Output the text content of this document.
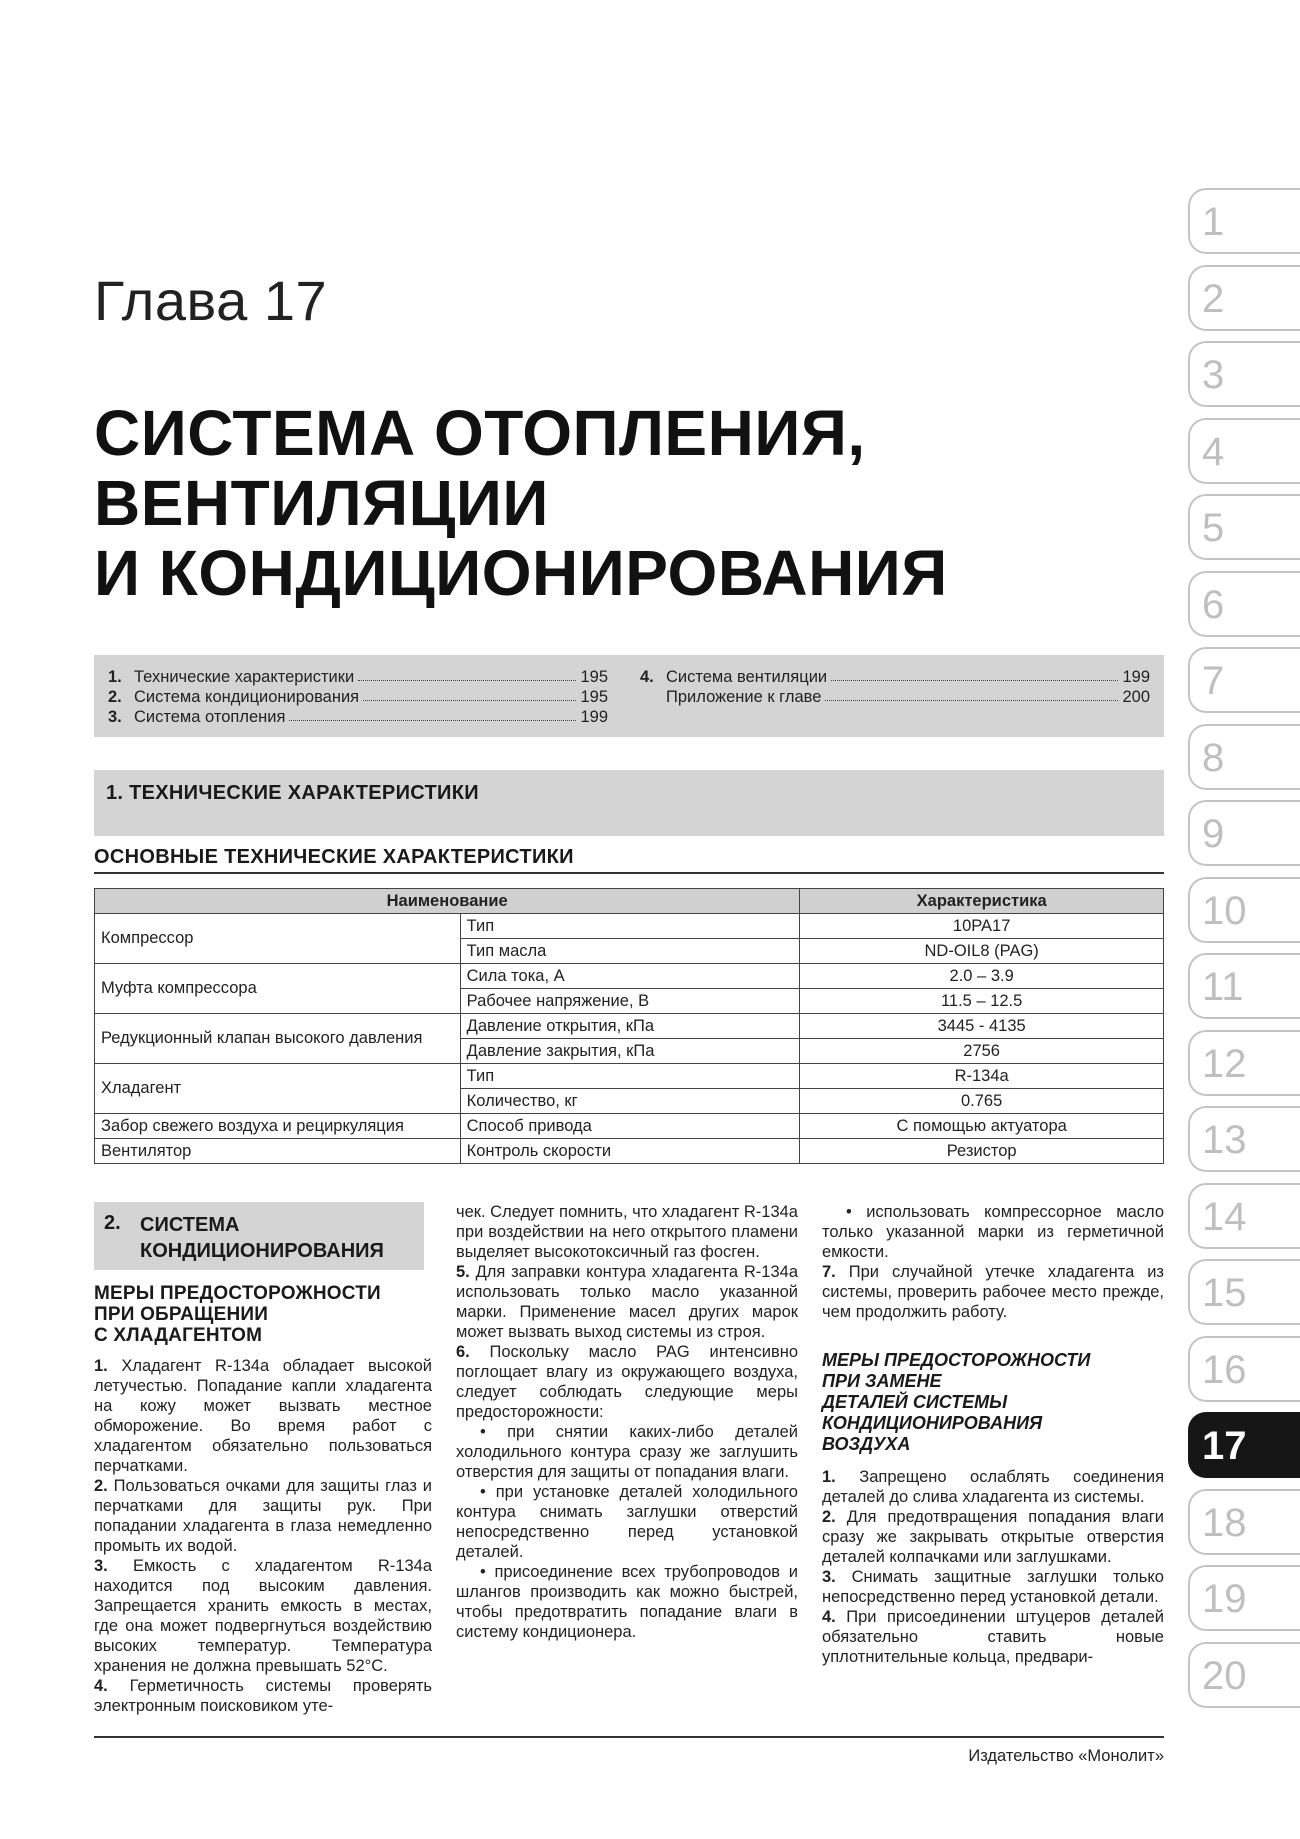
Глава 17
СИСТЕМА ОТОПЛЕНИЯ,
ВЕНТИЛЯЦИИ
И КОНДИЦИОНИРОВАНИЯ
1. Технические характеристики	195
2. Система кондиционирования	195
3. Система отопления	199
4. Система вентиляции	199
Приложение к главе	200
1. ТЕХНИЧЕСКИЕ ХАРАКТЕРИСТИКИ
ОСНОВНЫЕ ТЕХНИЧЕСКИЕ ХАРАКТЕРИСТИКИ
Наименование		Характеристика
Компрессор	Тип	10PA17
	Тип масла	ND-OIL8 (PAG)
Муфта компрессора	Сила тока, А	2.0 – 3.9
	Рабочее напряжение, В	11.5 – 12.5
Редукционный клапан высокого давления	Давление открытия, кПа	3445 - 4135
	Давление закрытия, кПа	2756
Хладагент	Тип	R-134a
	Количество, кг	0.765
Забор свежего воздуха и рециркуляция	Способ привода	С помощью актуатора
Вентилятор	Контроль скорости	Резистор
2. СИСТЕМА
КОНДИЦИОНИРОВАНИЯ
МЕРЫ ПРЕДОСТОРОЖНОСТИ
ПРИ ОБРАЩЕНИИ
С ХЛАДАГЕНТОМ

1. Хладагент R-134a обладает высокой летучестью. Попадание капли хладагента на кожу может вызвать местное обморожение. Во время работ с хладагентом обязательно пользоваться перчатками.

2. Пользоваться очками для защиты глаз и перчатками для защиты рук. При попадании хладагента в глаза немедленно промыть их водой.

3. Емкость с хладагентом R-134a находится под высоким давления. Запрещается хранить емкость в местах, где она может подвергнуться воздействию высоких температур. Температура хранения не должна превышать 52°C.

4. Герметичность системы проверять электронным поисковиком уте-

чек. Следует помнить, что хладагент R-134a при воздействии на него открытого пламени выделяет высокотоксичный газ фосген.

5. Для заправки контура хладагента R-134a использовать только масло указанной марки. Применение масел других марок может вызвать выход системы из строя.

6. Поскольку масло PAG интенсивно поглощает влагу из окружающего воздуха, следует соблюдать следующие меры предосторожности:

• при снятии каких-либо деталей холодильного контура сразу же заглушить отверстия для защиты от попадания влаги.

• при установке деталей холодильного контура снимать заглушки отверстий непосредственно перед установкой деталей.

• присоединение всех трубопроводов и шлангов производить как можно быстрей, чтобы предотвратить попадание влаги в систему кондиционера.

• использовать компрессорное масло только указанной марки из герметичной емкости.

7. При случайной утечке хладагента из системы, проверить рабочее место прежде, чем продолжить работу.

МЕРЫ ПРЕДОСТОРОЖНОСТИ
ПРИ ЗАМЕНЕ
ДЕТАЛЕЙ СИСТЕМЫ
КОНДИЦИОНИРОВАНИЯ
ВОЗДУХА

1. Запрещено ослаблять соединения деталей до слива хладагента из системы.

2. Для предотвращения попадания влаги сразу же закрывать открытые отверстия деталей колпачками или заглушками.

3. Снимать защитные заглушки только непосредственно перед установкой детали.

4. При присоединении штуцеров деталей обязательно ставить новые уплотнительные кольца, предвари-

Издательство «Монолит»
1
2
3
4
5
6
7
8
9
10
11
12
13
14
15
16
17
18
19
20
